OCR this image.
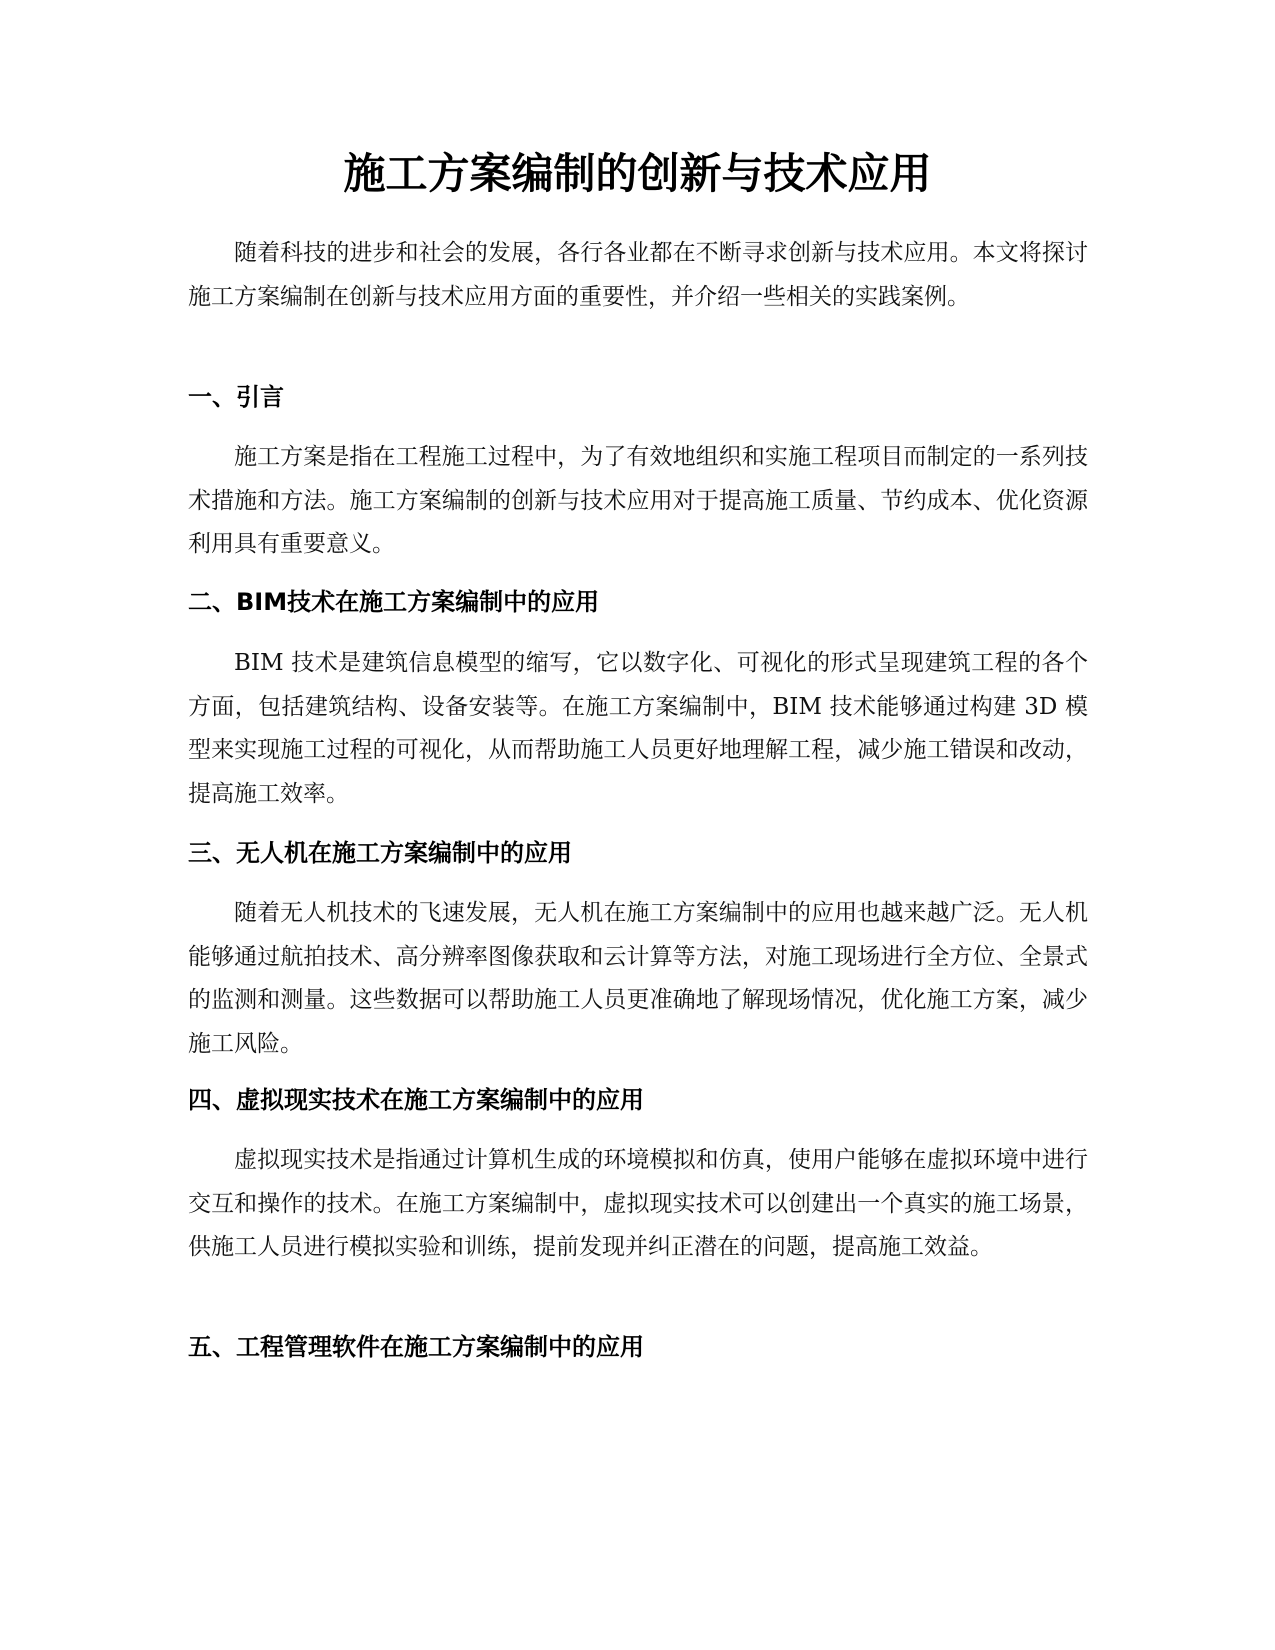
施工方案编制的创新与技术应用

随着科技的进步和社会的发展，各行各业都在不断寻求创新与技术应用。本文将探讨施工方案编制在创新与技术应用方面的重要性，并介绍一些相关的实践案例。

一、引言

施工方案是指在工程施工过程中，为了有效地组织和实施工程项目而制定的一系列技术措施和方法。施工方案编制的创新与技术应用对于提高施工质量、节约成本、优化资源利用具有重要意义。

二、BIM技术在施工方案编制中的应用

BIM 技术是建筑信息模型的缩写，它以数字化、可视化的形式呈现建筑工程的各个方面，包括建筑结构、设备安装等。在施工方案编制中，BIM 技术能够通过构建 3D 模型来实现施工过程的可视化，从而帮助施工人员更好地理解工程，减少施工错误和改动，提高施工效率。

三、无人机在施工方案编制中的应用

随着无人机技术的飞速发展，无人机在施工方案编制中的应用也越来越广泛。无人机能够通过航拍技术、高分辨率图像获取和云计算等方法，对施工现场进行全方位、全景式的监测和测量。这些数据可以帮助施工人员更准确地了解现场情况，优化施工方案，减少施工风险。

四、虚拟现实技术在施工方案编制中的应用

虚拟现实技术是指通过计算机生成的环境模拟和仿真，使用户能够在虚拟环境中进行交互和操作的技术。在施工方案编制中，虚拟现实技术可以创建出一个真实的施工场景，供施工人员进行模拟实验和训练，提前发现并纠正潜在的问题，提高施工效益。

五、工程管理软件在施工方案编制中的应用
